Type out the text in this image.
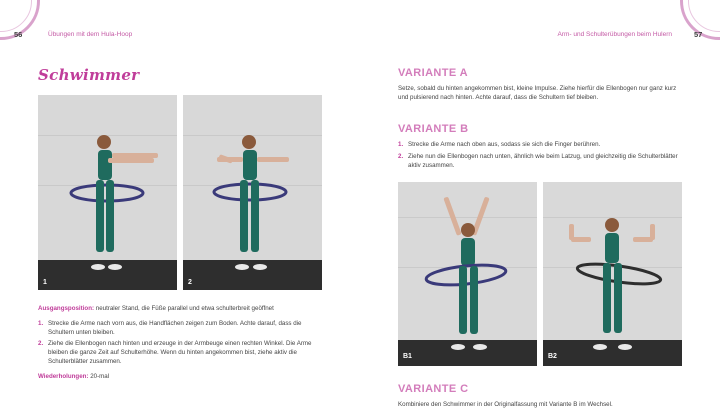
56	Übungen mit dem Hula-Hoop
Schwimmer
1	2
Ausgangsposition: neutraler Stand, die Füße parallel und etwa schulterbreit geöffnet
1. Strecke die Arme nach vorn aus, die Handflächen zeigen zum Boden. Achte darauf, dass die Schultern unten bleiben.
2. Ziehe die Ellenbogen nach hinten und erzeuge in der Armbeuge einen rechten Winkel. Die Arme bleiben die ganze Zeit auf Schulterhöhe. Wenn du hinten angekommen bist, ziehe aktiv die Schulterblätter zusammen.
Wiederholungen: 20-mal
Arm- und Schulterübungen beim Hulern	57
VARIANTE A
Setze, sobald du hinten angekommen bist, kleine Impulse. Ziehe hierfür die Ellenbogen nur ganz kurz und pulsierend nach hinten. Achte darauf, dass die Schultern tief bleiben.
VARIANTE B
1. Strecke die Arme nach oben aus, sodass sie sich die Finger berühren.
2. Ziehe nun die Ellenbogen nach unten, ähnlich wie beim Latzug, und gleichzeitig die Schulterblätter aktiv zusammen.
B1	B2
VARIANTE C
Kombiniere den Schwimmer in der Originalfassung mit Variante B im Wechsel.
